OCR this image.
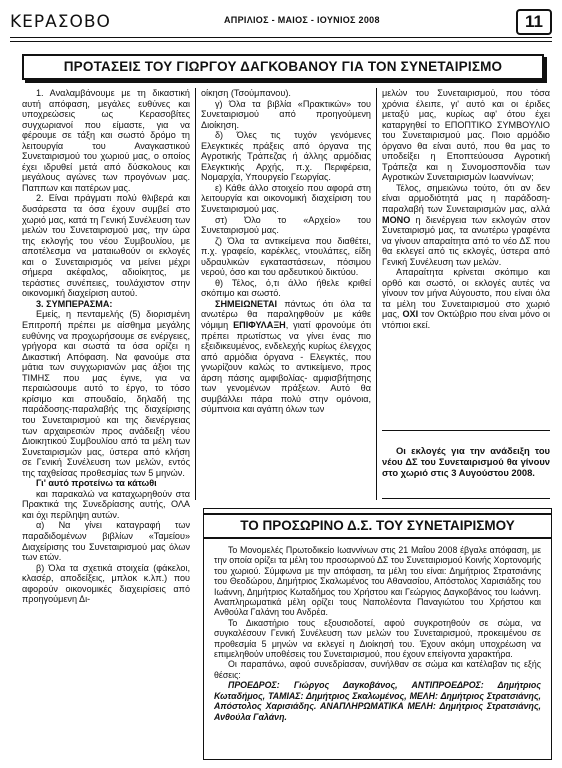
ΚΕΡΑΣΟΒΟ	ΑΠΡΙΛΙΟΣ - ΜΑΙΟΣ - ΙΟΥΝΙΟΣ 2008	11
ΠΡΟΤΑΣΕΙΣ ΤΟΥ ΓΙΩΡΓΟΥ ΔΑΓΚΟΒΑΝΟΥ ΓΙΑ ΤΟΝ ΣΥΝΕΤΑΙΡΙΣΜΟ

1. Αναλαμβάνουμε με τη δικαστική αυτή απόφαση, μεγάλες ευθύνες και υποχρεώσεις ως Κερασοβίτες συγχωριανοί που είμαστε, για να φέρουμε σε τάξη και σωστό δρόμο τη λειτουργία του Αναγκαστικού Συνεταιρισμού του χωριού μας, ο οποίος έχει ιδρυθεί μετά από δύσκολους και μεγάλους αγώνες των προγόνων μας. Παππων και πατέρων μας.

2. Είναι πράγματι πολύ θλιβερά και δυσάρεστα τα όσα έχουν συμβεί στο χωριό μας, κατά τη Γενική Συνέλευση των μελών του Συνεταιρισμού μας, την ώρα της εκλογής του νέου Συμβουλίου, με αποτέλεσμα να ματαιωθούν οι εκλογές και ο Συνεταιρισμός να μείνει μέχρι σήμερα ακέφαλος, αδιοίκητος, με τεράστιες συνέπειες, τουλάχιστον στην οικονομική διαχείριση αυτού.

3. ΣΥΜΠΕΡΑΣΜΑ:

Εμείς, η πενταμελής (5) διορισμένη Επιτροπή πρέπει με αίσθημα μεγάλης ευθύνης να προχωρήσουμε σε ενέργειες, γρήγορα και σωστά τα όσα ορίζει η Δικαστική Απόφαση. Να φανούμε στα μάτια των συγχωριανών μας άξιοι της ΤΙΜΗΣ που μας έγινε, για να περαιώσουμε αυτό το έργο, το τόσο κρίσιμο και σπουδαίο, δηλαδή της παράδοσης-παραλαβής της διαχείρισης του Συνεταιρισμού και της διενέργειας των αρχαιρεσιών προς ανάδειξη νέου Διοικητικού Συμβουλίου από τα μέλη των Συνεταιρισμών μας, ύστερα από κλήση σε Γενική Συνέλευση των μελών, εντός της ταχθείσας προθεσμίας των 5 μηνών.

Γι' αυτό προτείνω τα κάτωθι

και παρακαλώ να καταχωρηθούν στα Πρακτικά της Συνεδρίασης αυτής, ΟΛΑ και όχι περίληψη αυτών.

α) Να γίνει καταγραφή των παραδιδομένων βιβλίων «Ταμείου» Διαχείρισης του Συνεταιρισμού μας όλων των ετών.

β) Όλα τα σχετικά στοιχεία (φάκελοι, κλασέρ, αποδείξεις, μπλοκ κ.λπ.) που αφορούν οικονομικές διαχειρίσεις από προηγούμενη Δι-

οίκηση (Τσούμπανου).

γ) Όλα τα βιβλία «Πρακτικών» του Συνεταιρισμού από προηγούμενη Διοίκηση.

δ) Όλες τις τυχόν γενόμενες Ελεγκτικές πράξεις από όργανα της Αγροτικής Τράπεζας ή άλλης αρμόδιας Ελεγκτικής Αρχής, π.χ. Περιφέρεια, Νομαρχία, Υπουργείο Γεωργίας.

ε) Κάθε άλλο στοιχείο που αφορά στη λειτουργία και οικονομική διαχείριση του Συνεταιρισμού μας.

στ) Όλο το «Αρχείο» του Συνεταιρισμού μας.

ζ) Όλα τα αντικείμενα που διαθέτει, π.χ. γραφείο, καρέκλες, ντουλάπες, είδη υδραυλικών εγκαταστάσεων, πόσιμου νερού, όσο και του αρδευτικού δικτύου.

θ) Τέλος, ό,τι άλλο ήθελε κριθεί σκόπιμο και σωστό.

ΣΗΜΕΙΩΝΕΤΑΙ πάντως ότι όλα τα ανωτέρω θα παραληφθούν με κάθε νόμιμη ΕΠΙΦΥΛΑΞΗ, γιατί φρονούμε ότι πρέπει πρωτίστως να γίνει ένας πιο εξειδικευμένος, ενδελεχής κυρίως έλεγχος από αρμόδια όργανα - Ελεγκτές, που γνωρίζουν καλώς το αντικείμενο, προς άρση πάσης αμφιβολίας- αμφισβήτησης των γενομένων πράξεων. Αυτό θα συμβάλλει πάρα πολύ στην ομόνοια, σύμπνοια και αγάπη όλων των

μελών του Συνεταιρισμού, που τόσα χρόνια έλειπε, γι' αυτό και οι έριδες μεταξύ μας, κυρίως αφ' ότου έχει καταργηθεί το ΕΠΟΠΤΙΚΟ ΣΥΜΒΟΥΛΙΟ του Συνεταιρισμού μας. Ποιο αρμόδιο όργανο θα είναι αυτό, που θα μας το υποδείξει η Εποπτεύουσα Αγροτική Τράπεζα και η Συνομοσπονδία των Αγροτικών Συνεταιρισμών Ιωαννίνων;

Τέλος, σημειώνω τούτο, ότι αν δεν είναι αρμοδιότητά μας η παράδοση-παραλαβή των Συνεταιρισμών μας, αλλά ΜΟΝΟ η διενέργεια των εκλογών στον Συνεταιρισμό μας, τα ανωτέρω γραφέντα να γίνουν απαραίτητα από το νέο ΔΣ που θα εκλεγεί από τις εκλογές, ύστερα από Γενική Συνέλευση των μελών.

Απαραίτητα κρίνεται σκόπιμο και ορθό και σωστό, οι εκλογές αυτές να γίνουν τον μήνα Αύγουστο, που είναι όλα τα μέλη του Συνεταιρισμού στο χωριό μας, ΟΧΙ τον Οκτώβριο που είναι μόνο οι ντόπιοι εκεί.

Οι εκλογές για την ανάδειξη του νέου ΔΣ του Συνεταιρισμού θα γίνουν στο χωριό στις 3 Αυγούστου 2008.
ΤΟ ΠΡΟΣΩΡΙΝΟ Δ.Σ. ΤΟΥ ΣΥΝΕΤΑΙΡΙΣΜΟΥ

Το Μονομελές Πρωτοδικείο Ιωαννίνων στις 21 Μαΐου 2008 έβγαλε απόφαση, με την οποία ορίζει τα μέλη του προσωρινού ΔΣ του Συνεταιρισμού Κοινής Χορτονομής του χωριού. Σύμφωνα με την απόφαση, τα μέλη του είναι: Δημήτριος Στρατσιάνης του Θεοδώρου, Δημήτριος Σκαλωμένος του Αθανασίου, Απόστολος Χαρισιάδης του Ιωάννη, Δημήτριος Κωταδήμος του Χρήστου και Γεώργιος Δαγκοβάνος του Ιωάννη. Αναπληρωματικά μέλη ορίζει τους Ναπολέοντα Παναγιώτου του Χρήστου και Ανθούλα Γαλάνη του Ανδρέα.

Το Δικαστήριο τους εξουσιοδοτεί, αφού συγκροτηθούν σε σώμα, να συγκαλέσουν Γενική Συνέλευση των μελών του Συνεταιρισμού, προκειμένου σε προθεσμία 5 μηνών να εκλεγεί η Διοίκησή του. Έχουν ακόμη υποχρέωση να επιμεληθούν υποθέσεις του Συνεταιρισμού, που έχουν επείγοντα χαρακτήρα.

Οι παραπάνω, αφού συνεδρίασαν, συνήλθαν σε σώμα και κατέλαβαν τις εξής θέσεις:

ΠΡΟΕΔΡΟΣ: Γιώργος Δαγκοβάνος, ΑΝΤΙΠΡΟΕΔΡΟΣ: Δημήτριος Κωταδήμος, ΤΑΜΙΑΣ: Δημήτριος Σκαλωμένος, ΜΕΛΗ: Δημήτριος Στρατσιάνης, Απόστολος Χαρισιάδης. ΑΝΑΠΛΗΡΩΜΑΤΙΚΑ ΜΕΛΗ: Δημήτριος Στρατσιάνης, Ανθούλα Γαλάνη.
